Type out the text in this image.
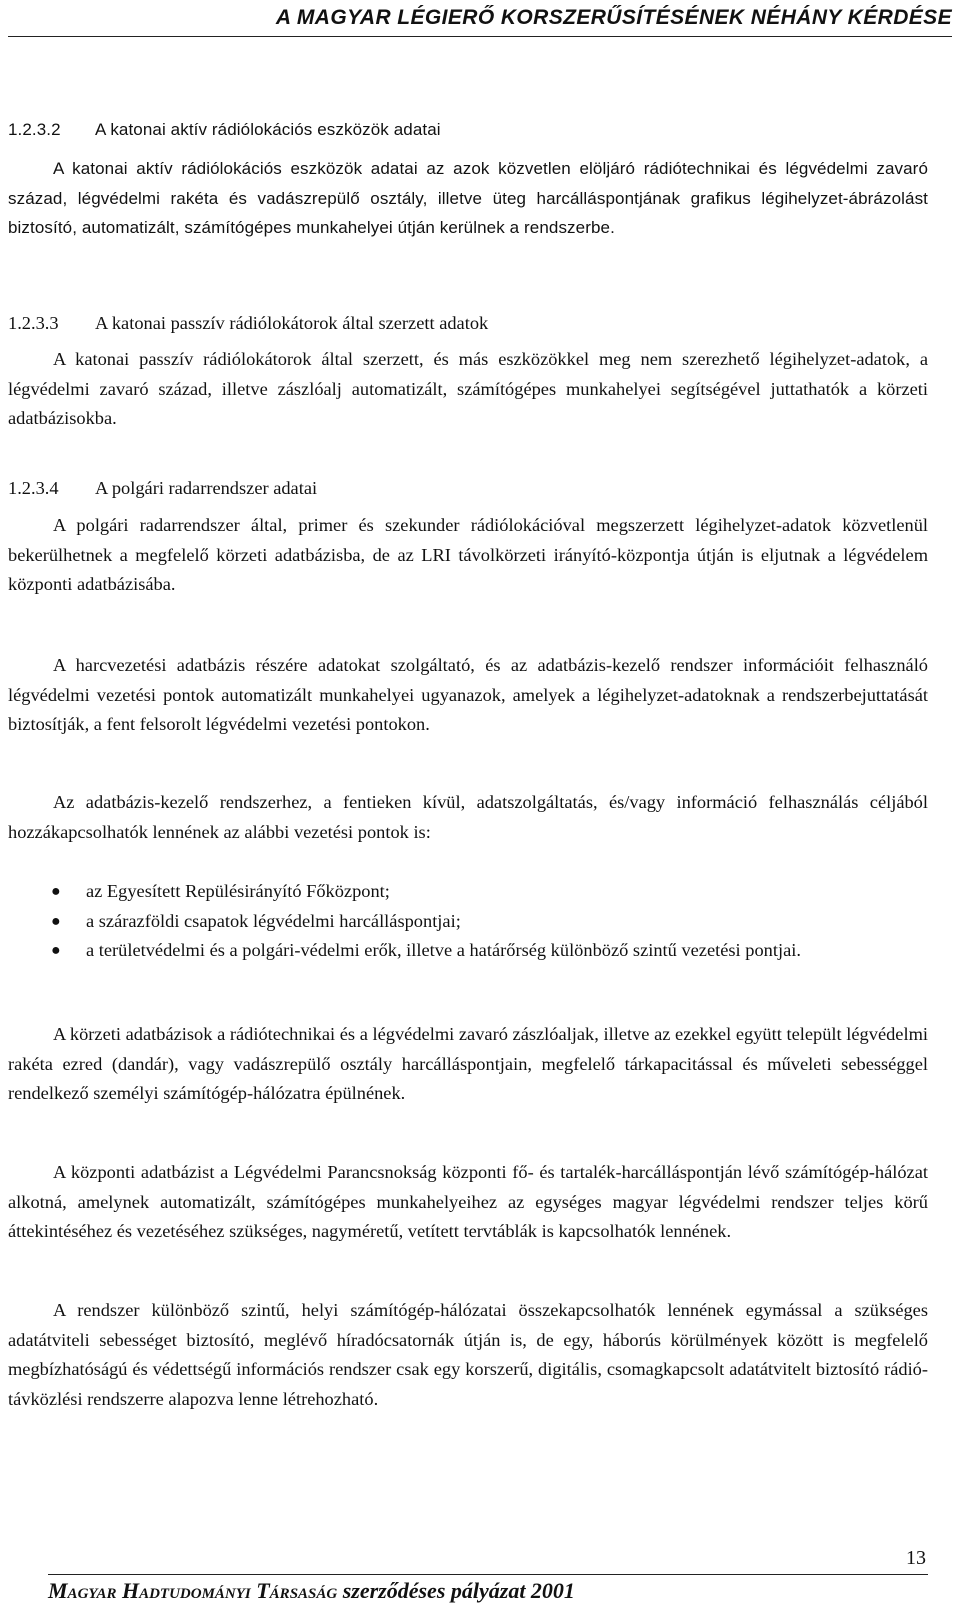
A MAGYAR LÉGIERŐ KORSZERŰSÍTÉSÉNEK NÉHÁNY KÉRDÉSE
1.2.3.2 A katonai aktív rádiólokációs eszközök adatai
A katonai aktív rádiólokációs eszközök adatai az azok közvetlen elöljáró rádiótechnikai és légvédelmi zavaró század, légvédelmi rakéta és vadászrepülő osztály, illetve üteg harcálláspontjának grafikus légihelyzet-ábrázolást biztosító, automatizált, számítógépes munkahelyei útján kerülnek a rendszerbe.
1.2.3.3 A katonai passzív rádiólokátorok által szerzett adatok
A katonai passzív rádiólokátorok által szerzett, és más eszközökkel meg nem szerezhető légihelyzet-adatok, a légvédelmi zavaró század, illetve zászlóalj automatizált, számítógépes munkahelyei segítségével juttathatók a körzeti adatbázisokba.
1.2.3.4 A polgári radarrendszer adatai
A polgári radarrendszer által, primer és szekunder rádiólokációval megszerzett légihelyzet-adatok közvetlenül bekerülhetnek a megfelelő körzeti adatbázisba, de az LRI távolkörzeti irányító-központja útján is eljutnak a légvédelem központi adatbázisába.
A harcvezetési adatbázis részére adatokat szolgáltató, és az adatbázis-kezelő rendszer információit felhasználó légvédelmi vezetési pontok automatizált munkahelyei ugyanazok, amelyek a légihelyzet-adatoknak a rendszerbejuttatását biztosítják, a fent felsorolt légvédelmi vezetési pontokon.
Az adatbázis-kezelő rendszerhez, a fentieken kívül, adatszolgáltatás, és/vagy információ felhasználás céljából hozzákapcsolhatók lennének az alábbi vezetési pontok is:
● az Egyesített Repülésirányító Főközpont;
● a szárazföldi csapatok légvédelmi harcálláspontjai;
● a területvédelmi és a polgári-védelmi erők, illetve a határőrség különböző szintű vezetési pontjai.
A körzeti adatbázisok a rádiótechnikai és a légvédelmi zavaró zászlóaljak, illetve az ezekkel együtt települt légvédelmi rakéta ezred (dandár), vagy vadászrepülő osztály harcálláspontjain, megfelelő tárkapacitással és műveleti sebességgel rendelkező személyi számítógép-hálózatra épülnének.
A központi adatbázist a Légvédelmi Parancsnokság központi fő- és tartalék-harcálláspontján lévő számítógép-hálózat alkotná, amelynek automatizált, számítógépes munkahelyeihez az egységes magyar légvédelmi rendszer teljes körű áttekintéséhez és vezetéséhez szükséges, nagyméretű, vetített tervtáblák is kapcsolhatók lennének.
A rendszer különböző szintű, helyi számítógép-hálózatai összekapcsolhatók lennének egymással a szükséges adatátviteli sebességet biztosító, meglévő híradócsatornák útján is, de egy, háborús körülmények között is megfelelő megbízhatóságú és védettségű információs rendszer csak egy korszerű, digitális, csomagkapcsolt adatátvitelt biztosító rádió-távközlési rendszerre alapozva lenne létrehozható.
Magyar Hadtudományi Társaság szerződéses pályázat 2001
13
